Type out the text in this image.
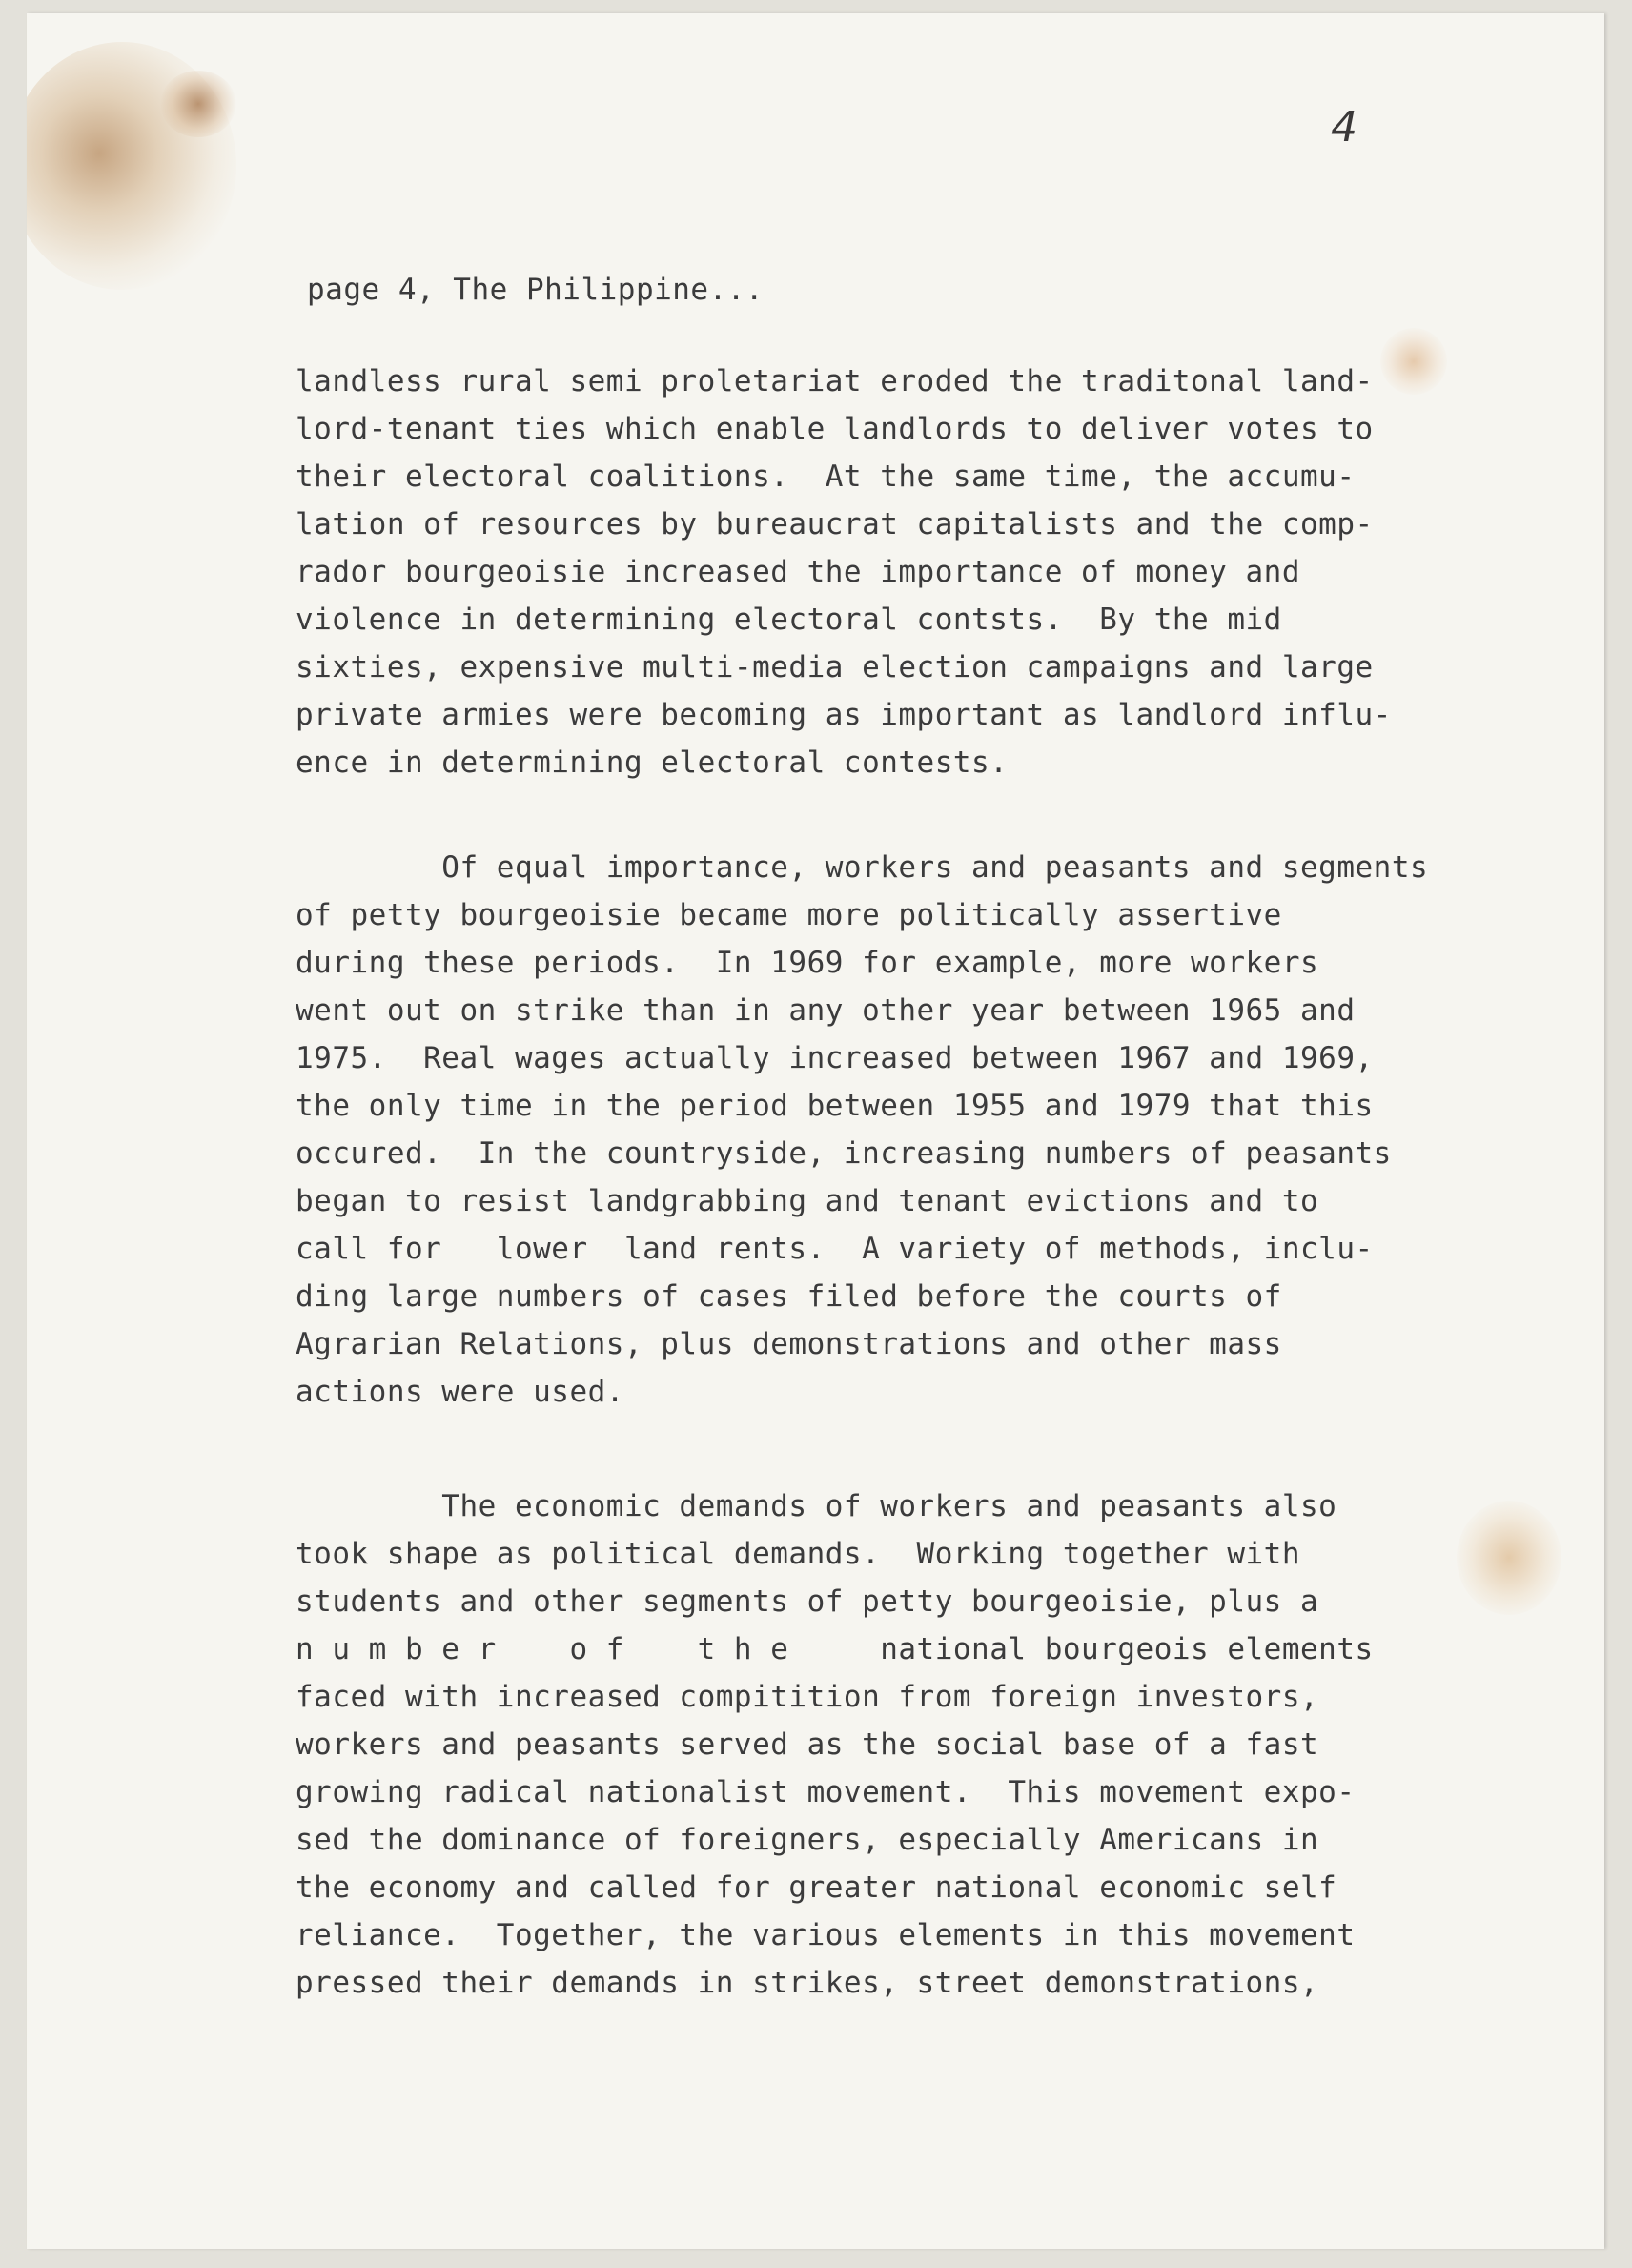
4
page 4, The Philippine...
landless rural semi proletariat eroded the traditonal land-
lord-tenant ties which enable landlords to deliver votes to
their electoral coalitions.  At the same time, the accumu-
lation of resources by bureaucrat capitalists and the comp-
rador bourgeoisie increased the importance of money and
violence in determining electoral contsts.  By the mid
sixties, expensive multi-media election campaigns and large
private armies were becoming as important as landlord influ-
ence in determining electoral contests.
Of equal importance, workers and peasants and segments
of petty bourgeoisie became more politically assertive
during these periods.  In 1969 for example, more workers
went out on strike than in any other year between 1965 and
1975.  Real wages actually increased between 1967 and 1969,
the only time in the period between 1955 and 1979 that this
occured.  In the countryside, increasing numbers of peasants
began to resist landgrabbing and tenant evictions and to
call for   lower  land rents.  A variety of methods, inclu-
ding large numbers of cases filed before the courts of
Agrarian Relations, plus demonstrations and other mass
actions were used.
The economic demands of workers and peasants also
took shape as political demands.  Working together with
students and other segments of petty bourgeoisie, plus a
n u m b e r    o f    t h e     national bourgeois elements
faced with increased compitition from foreign investors,
workers and peasants served as the social base of a fast
growing radical nationalist movement.  This movement expo-
sed the dominance of foreigners, especially Americans in
the economy and called for greater national economic self
reliance.  Together, the various elements in this movement
pressed their demands in strikes, street demonstrations,
